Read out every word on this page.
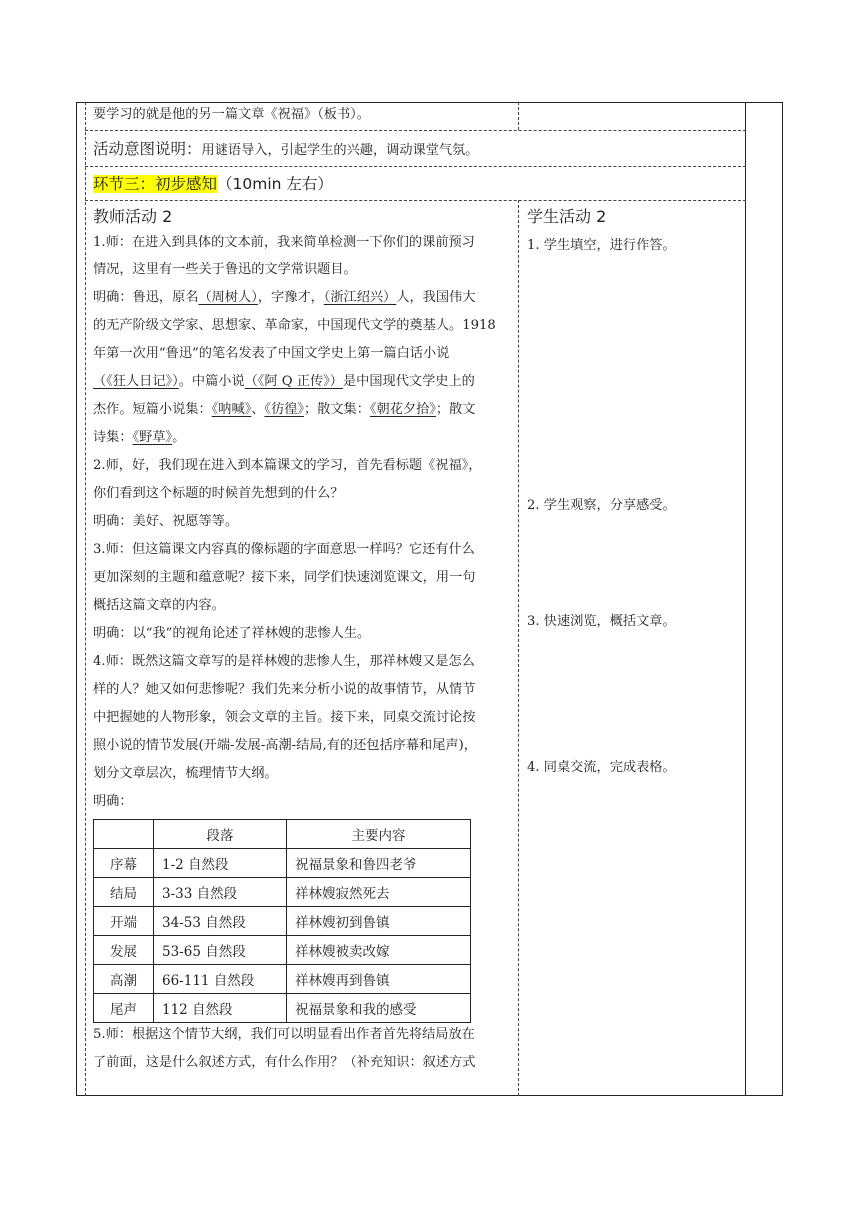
要学习的就是他的另一篇文章《祝福》（板书）。
活动意图说明：用谜语导入，引起学生的兴趣，调动课堂气氛。
环节三：初步感知（10min 左右）
教师活动 2
1.师：在进入到具体的文本前，我来简单检测一下你们的课前预习
情况，这里有一些关于鲁迅的文学常识题目。
明确：鲁迅，原名（周树人），字豫才，（浙江绍兴）人，我国伟大
的无产阶级文学家、思想家、革命家，中国现代文学的奠基人。1918
年第一次用“鲁迅”的笔名发表了中国文学史上第一篇白话小说
（《狂人日记》）。中篇小说（《阿 Q 正传》）是中国现代文学史上的
杰作。短篇小说集：《呐喊》、《彷徨》；散文集：《朝花夕拾》；散文
诗集：《野草》。
2.师，好，我们现在进入到本篇课文的学习，首先看标题《祝福》，
你们看到这个标题的时候首先想到的什么？
明确：美好、祝愿等等。
3.师：但这篇课文内容真的像标题的字面意思一样吗？它还有什么
更加深刻的主题和蕴意呢？接下来，同学们快速浏览课文，用一句
概括这篇文章的内容。
明确：以“我”的视角论述了祥林嫂的悲惨人生。
4.师：既然这篇文章写的是祥林嫂的悲惨人生，那祥林嫂又是怎么
样的人？她又如何悲惨呢？我们先来分析小说的故事情节，从情节
中把握她的人物形象，领会文章的主旨。接下来，同桌交流讨论按
照小说的情节发展(开端-发展-高潮-结局,有的还包括序幕和尾声)，
划分文章层次，梳理情节大纲。
明确：
	段落	主要内容
序幕	1-2 自然段	祝福景象和鲁四老爷
结局	3-33 自然段	祥林嫂寂然死去
开端	34-53 自然段	祥林嫂初到鲁镇
发展	53-65 自然段	祥林嫂被卖改嫁
高潮	66-111 自然段	祥林嫂再到鲁镇
尾声	112 自然段	祝福景象和我的感受
5.师：根据这个情节大纲，我们可以明显看出作者首先将结局放在
了前面，这是什么叙述方式，有什么作用？（补充知识：叙述方式
学生活动 2
1. 学生填空，进行作答。
2. 学生观察，分享感受。
3. 快速浏览，概括文章。
4. 同桌交流，完成表格。
